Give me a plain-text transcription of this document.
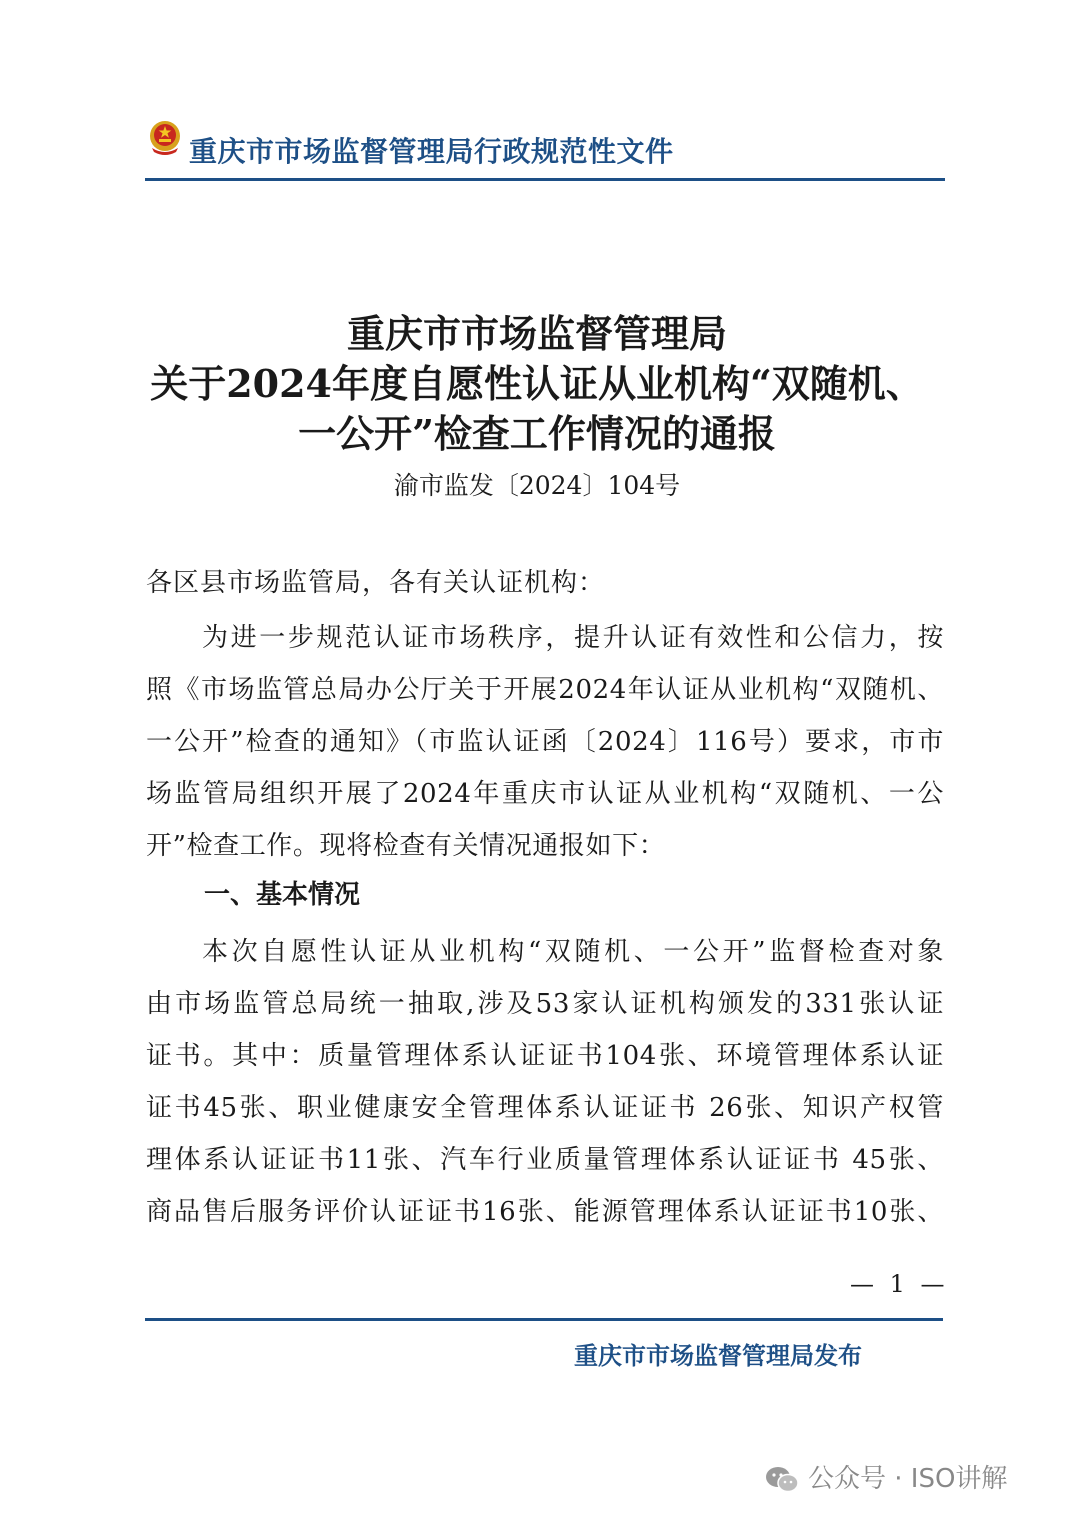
重庆市市场监督管理局行政规范性文件
重庆市市场监督管理局
关于2024年度自愿性认证从业机构“双随机、
一公开”检查工作情况的通报
渝市监发〔2024〕104号
各区县市场监管局，各有关认证机构：
为进一步规范认证市场秩序，提升认证有效性和公信力，按
照《市场监管总局办公厅关于开展2024年认证从业机构“双随机、
一公开”检查的通知》（市监认证函〔2024〕116号）要求，市市
场监管局组织开展了2024年重庆市认证从业机构“双随机、一公
开”检查工作。现将检查有关情况通报如下：
一、基本情况
本次自愿性认证从业机构“双随机、一公开”监督检查对象
由市场监管总局统一抽取,涉及53家认证机构颁发的331张认证
证书。其中：质量管理体系认证证书104张、环境管理体系认证
证书45张、职业健康安全管理体系认证证书 26张、知识产权管
理体系认证证书11张、汽车行业质量管理体系认证证书 45张、
商品售后服务评价认证证书16张、能源管理体系认证证书10张、
— 1 —
重庆市市场监督管理局发布
公众号 · ISO讲解
